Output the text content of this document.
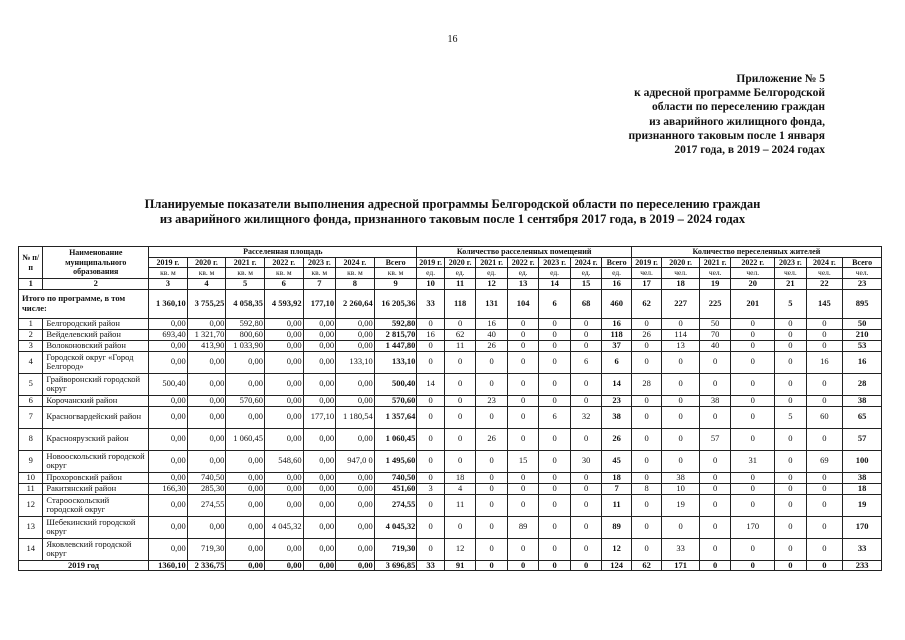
16
Приложение № 5
к адресной программе Белгородской
области по переселению граждан
из аварийного жилищного фонда,
признанного таковым после 1 января
2017 года, в 2019 – 2024 годах
Планируемые показатели выполнения адресной программы Белгородской области по переселению граждан
из аварийного жилищного фонда, признанного таковым после 1 сентября 2017 года, в 2019 – 2024 годах
№ п/п	Наименование муниципального образования	Расселенная площадь							Количество расселенных помещений							Количество переселенных жителей						
		2019 г.	2020 г.	2021 г.	2022 г.	2023 г.	2024 г.	Всего	2019 г.	2020 г.	2021 г.	2022 г.	2023 г.	2024 г.	Всего	2019 г.	2020 г.	2021 г.	2022 г.	2023 г.	2024 г.	Всего
		кв. м	кв. м	кв. м	кв. м	кв. м	кв. м	кв. м	ед.	ед.	ед.	ед.	ед.	ед.	ед.	чел.	чел.	чел.	чел.	чел.	чел.	чел.
1	2	3	4	5	6	7	8	9	10	11	12	13	14	15	16	17	18	19	20	21	22	23
Итого по программе, в том числе:		1 360,10	3 755,25	4 058,35	4 593,92	177,10	2 260,64	16 205,36	33	118	131	104	6	68	460	62	227	225	201	5	145	895
1	Белгородский район	0,00	0,00	592,80	0,00	0,00	0,00	592,80	0	0	16	0	0	0	16	0	0	50	0	0	0	50
2	Вейделевский район	693,40	1 321,70	800,60	0,00	0,00	0,00	2 815,70	16	62	40	0	0	0	118	26	114	70	0	0	0	210
3	Волоконовский район	0,00	413,90	1 033,90	0,00	0,00	0,00	1 447,80	0	11	26	0	0	0	37	0	13	40	0	0	0	53
4	Городской округ «Город Белгород»	0,00	0,00	0,00	0,00	0,00	133,10	133,10	0	0	0	0	0	6	6	0	0	0	0	0	16	16
5	Грайворонский городской округ	500,40	0,00	0,00	0,00	0,00	0,00	500,40	14	0	0	0	0	0	14	28	0	0	0	0	0	28
6	Корочанский район	0,00	0,00	570,60	0,00	0,00	0,00	570,60	0	0	23	0	0	0	23	0	0	38	0	0	0	38
7	Красногвардейский район	0,00	0,00	0,00	0,00	177,10	1 180,54	1 357,64	0	0	0	0	6	32	38	0	0	0	0	5	60	65
8	Красноярузский район	0,00	0,00	1 060,45	0,00	0,00	0,00	1 060,45	0	0	26	0	0	0	26	0	0	57	0	0	0	57
9	Новооскольский городской округ	0,00	0,00	0,00	548,60	0,00	947,0 0	1 495,60	0	0	0	15	0	30	45	0	0	0	31	0	69	100
10	Прохоровский район	0,00	740,50	0,00	0,00	0,00	0,00	740,50	0	18	0	0	0	0	18	0	38	0	0	0	0	38
11	Ракитянский район	166,30	285,30	0,00	0,00	0,00	0,00	451,60	3	4	0	0	0	0	7	8	10	0	0	0	0	18
12	Старооскольский городской округ	0,00	274,55	0,00	0,00	0,00	0,00	274,55	0	11	0	0	0	0	11	0	19	0	0	0	0	19
13	Шебекинский городской округ	0,00	0,00	0,00	4 045,32	0,00	0,00	4 045,32	0	0	0	89	0	0	89	0	0	0	170	0	0	170
14	Яковлевский городской округ	0,00	719,30	0,00	0,00	0,00	0,00	719,30	0	12	0	0	0	0	12	0	33	0	0	0	0	33
2019 год		1360,10	2 336,75	0,00	0,00	0,00	0,00	3 696,85	33	91	0	0	0	0	124	62	171	0	0	0	0	233
